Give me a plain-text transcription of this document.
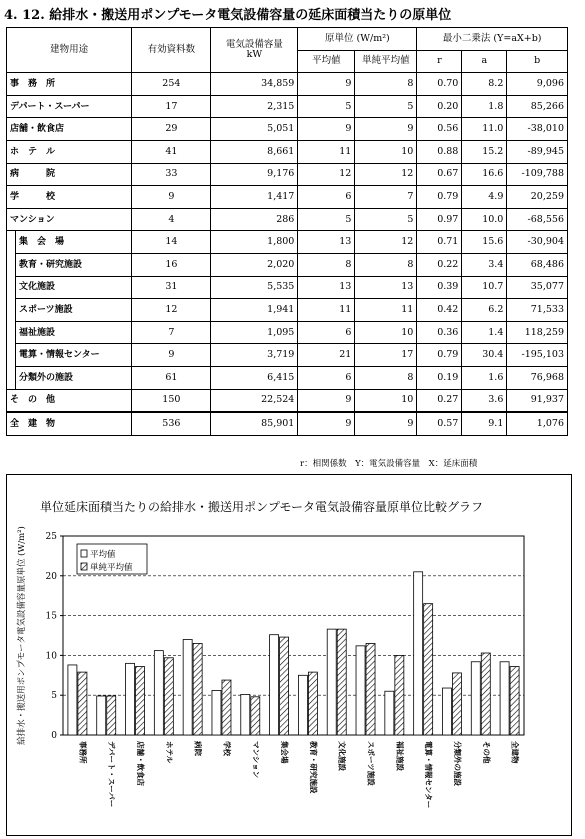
4. 12. 給排水・搬送用ポンプモータ電気設備容量の延床面積当たりの原単位
建物用途		有効資料数	電気設備容量
kW	原単位 (W/m²)		最小二乗法 (Y=aX+b)		
				平均値	単純平均値	r	a	b
事　務　所		254	34,859	9	8	0.70	8.2	9,096
デパート・スーパー		17	2,315	5	5	0.20	1.8	85,266
店舗・飲食店		29	5,051	9	9	0.56	11.0	-38,010
ホ　テ　ル		41	8,661	11	10	0.88	15.2	-89,945
病　　　院		33	9,176	12	12	0.67	16.6	-109,788
学　　　校		9	1,417	6	7	0.79	4.9	20,259
マンション		4	286	5	5	0.97	10.0	-68,556
	集　会　場	14	1,800	13	12	0.71	15.6	-30,904
	教育・研究施設	16	2,020	8	8	0.22	3.4	68,486
	文化施設	31	5,535	13	13	0.39	10.7	35,077
	スポーツ施設	12	1,941	11	11	0.42	6.2	71,533
	福祉施設	7	1,095	6	10	0.36	1.4	118,259
	電算・情報センター	9	3,719	21	17	0.79	30.4	-195,103
	分類外の施設	61	6,415	6	8	0.19	1.6	76,968
そ　の　他		150	22,524	9	10	0.27	3.6	91,937
全　建　物		536	85,901	9	9	0.57	9.1	1,076
r：相関係数　Y：電気設備容量　X：延床面積
単位延床面積当たりの給排水・搬送用ポンプモータ電気設備容量原単位比較グラフ
0
5
10
15
20
25
給排水・搬送用ポンプモータ電気設備容量原単位 (W/m²)
事務所	デパート・スーパー	店舗・飲食店	ホテル	病院	学校	マンション	集会場	教育・研究施設	文化施設	スポーツ施設	福祉施設	電算・情報センター	分類外の施設	その他	全建物
平均値
単純平均値
